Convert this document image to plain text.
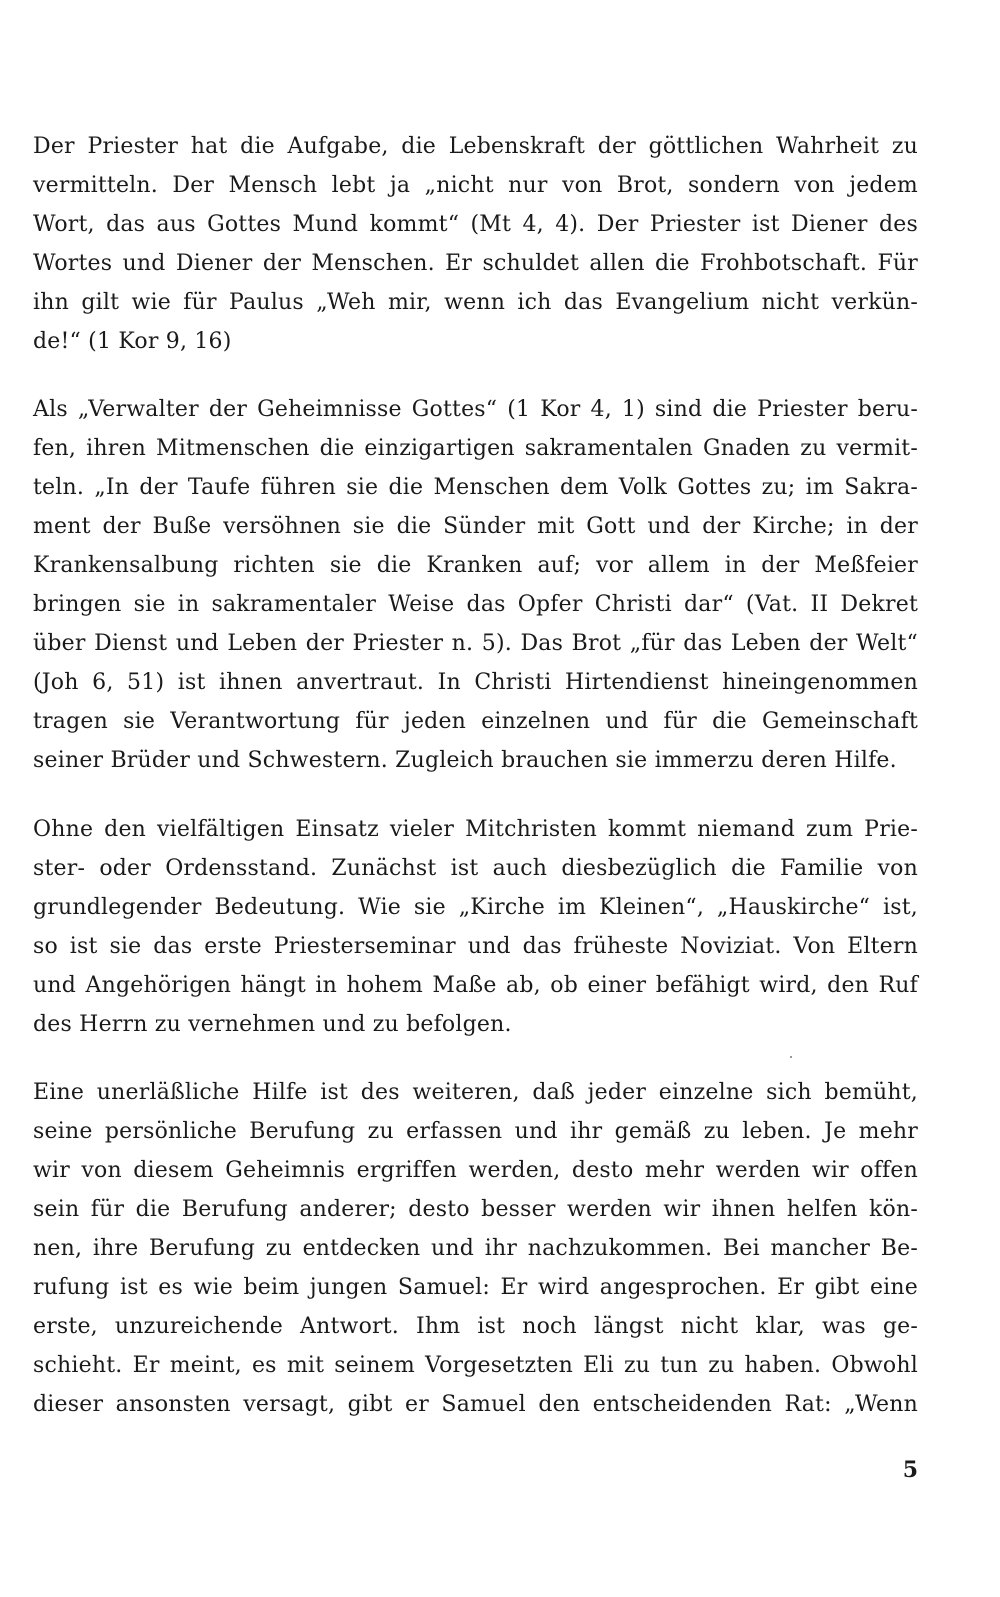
Der Priester hat die Aufgabe, die Lebenskraft der göttlichen Wahrheit zu
vermitteln. Der Mensch lebt ja „nicht nur von Brot, sondern von jedem
Wort, das aus Gottes Mund kommt“ (Mt 4, 4). Der Priester ist Diener des
Wortes und Diener der Menschen. Er schuldet allen die Frohbotschaft. Für
ihn gilt wie für Paulus „Weh mir, wenn ich das Evangelium nicht verkün-
de!“ (1 Kor 9, 16)
Als „Verwalter der Geheimnisse Gottes“ (1 Kor 4, 1) sind die Priester beru-
fen, ihren Mitmenschen die einzigartigen sakramentalen Gnaden zu vermit-
teln. „In der Taufe führen sie die Menschen dem Volk Gottes zu; im Sakra-
ment der Buße versöhnen sie die Sünder mit Gott und der Kirche; in der
Krankensalbung richten sie die Kranken auf; vor allem in der Meßfeier
bringen sie in sakramentaler Weise das Opfer Christi dar“ (Vat. II Dekret
über Dienst und Leben der Priester n. 5). Das Brot „für das Leben der Welt“
(Joh 6, 51) ist ihnen anvertraut. In Christi Hirtendienst hineingenommen
tragen sie Verantwortung für jeden einzelnen und für die Gemeinschaft
seiner Brüder und Schwestern. Zugleich brauchen sie immerzu deren Hilfe.
Ohne den vielfältigen Einsatz vieler Mitchristen kommt niemand zum Prie-
ster- oder Ordensstand. Zunächst ist auch diesbezüglich die Familie von
grundlegender Bedeutung. Wie sie „Kirche im Kleinen“, „Hauskirche“ ist,
so ist sie das erste Priesterseminar und das früheste Noviziat. Von Eltern
und Angehörigen hängt in hohem Maße ab, ob einer befähigt wird, den Ruf
des Herrn zu vernehmen und zu befolgen.
Eine unerläßliche Hilfe ist des weiteren, daß jeder einzelne sich bemüht,
seine persönliche Berufung zu erfassen und ihr gemäß zu leben. Je mehr
wir von diesem Geheimnis ergriffen werden, desto mehr werden wir offen
sein für die Berufung anderer; desto besser werden wir ihnen helfen kön-
nen, ihre Berufung zu entdecken und ihr nachzukommen. Bei mancher Be-
rufung ist es wie beim jungen Samuel: Er wird angesprochen. Er gibt eine
erste, unzureichende Antwort. Ihm ist noch längst nicht klar, was ge-
schieht. Er meint, es mit seinem Vorgesetzten Eli zu tun zu haben. Obwohl
dieser ansonsten versagt, gibt er Samuel den entscheidenden Rat: „Wenn
5
